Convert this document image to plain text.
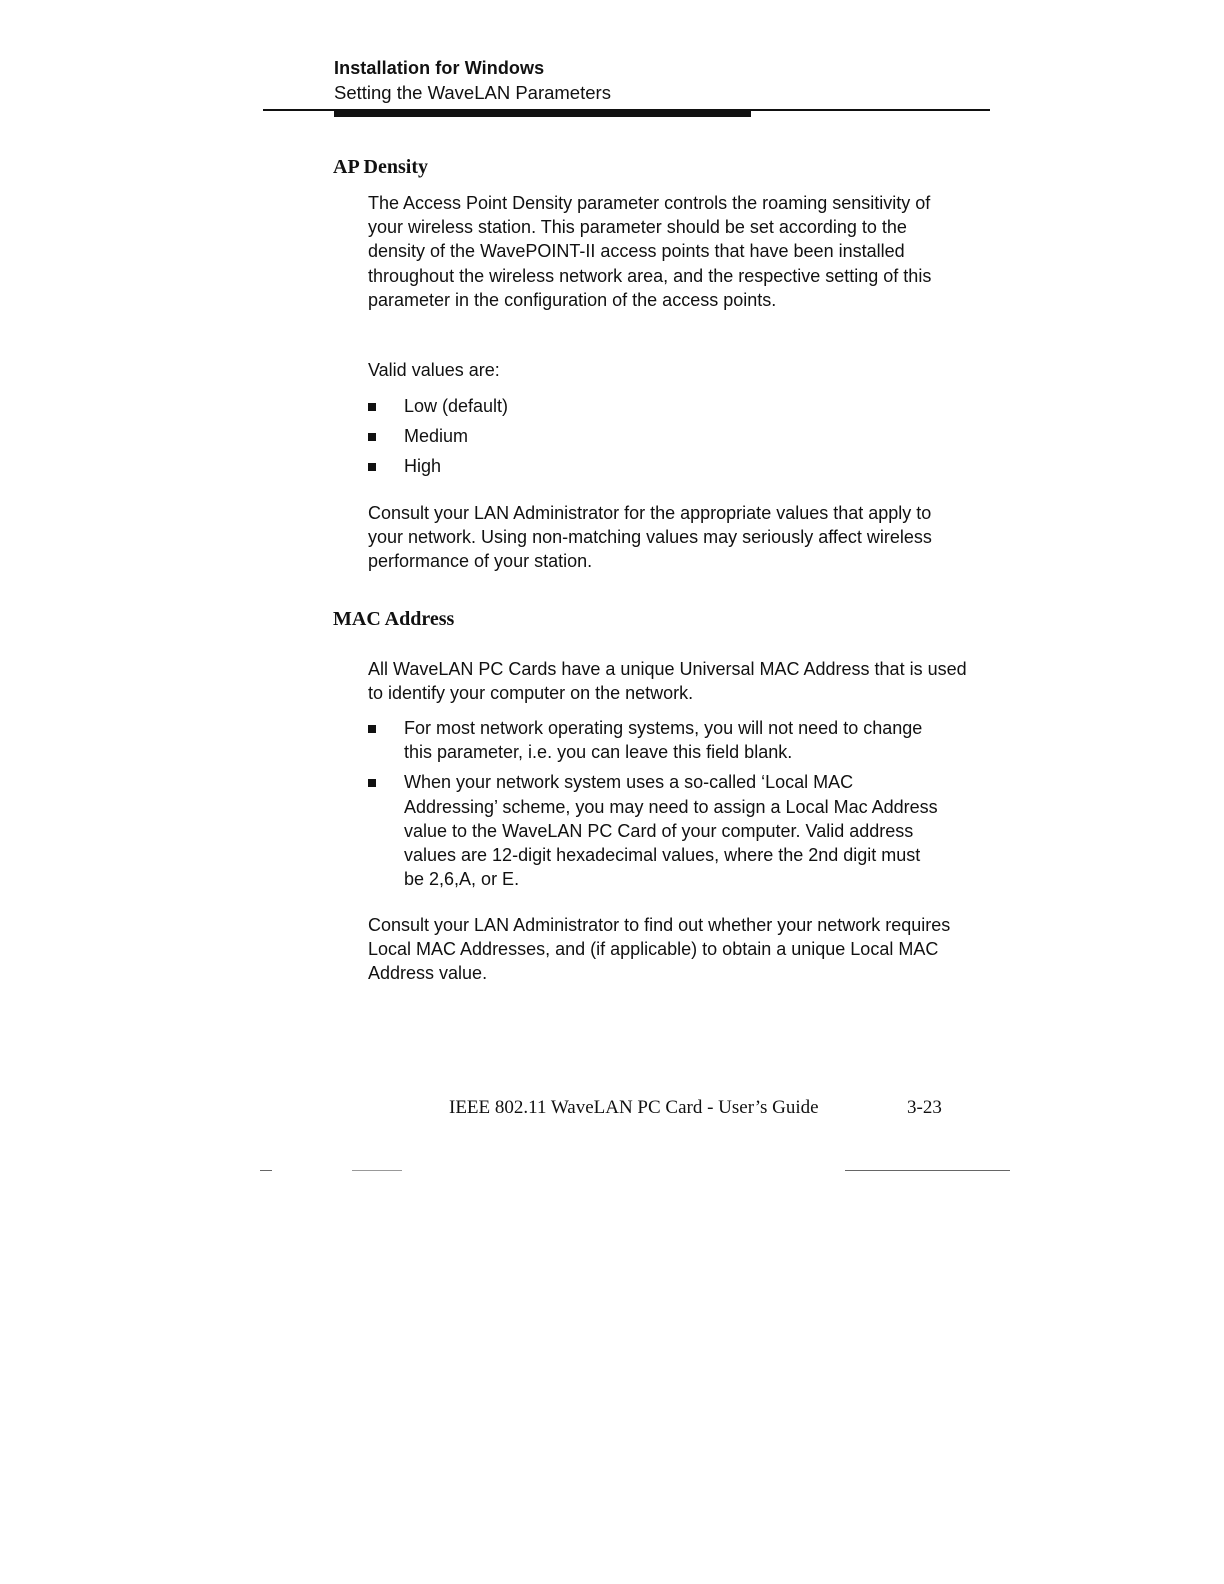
Installation for Windows
Setting the WaveLAN Parameters
AP Density

The Access Point Density parameter controls the roaming sensitivity of your wireless station. This parameter should be set according to the density of the WavePOINT-II access points that have been installed throughout the wireless network area, and the respective setting of this parameter in the configuration of the access points.

Valid values are:

Low (default)
Medium
High

Consult your LAN Administrator for the appropriate values that apply to your network. Using non-matching values may seriously affect wireless performance of your station.

MAC Address

All WaveLAN PC Cards have a unique Universal MAC Address that is used to identify your computer on the network.

For most network operating systems, you will not need to change this parameter, i.e. you can leave this field blank.
When your network system uses a so-called ‘Local MAC Addressing’ scheme, you may need to assign a Local Mac Address value to the WaveLAN PC Card of your computer. Valid address values are 12-digit hexadecimal values, where the 2nd digit must be 2,6,A, or E.

Consult your LAN Administrator to find out whether your network requires Local MAC Addresses, and (if applicable) to obtain a unique Local MAC Address value.

IEEE 802.11 WaveLAN PC Card - User’s Guide	3-23
